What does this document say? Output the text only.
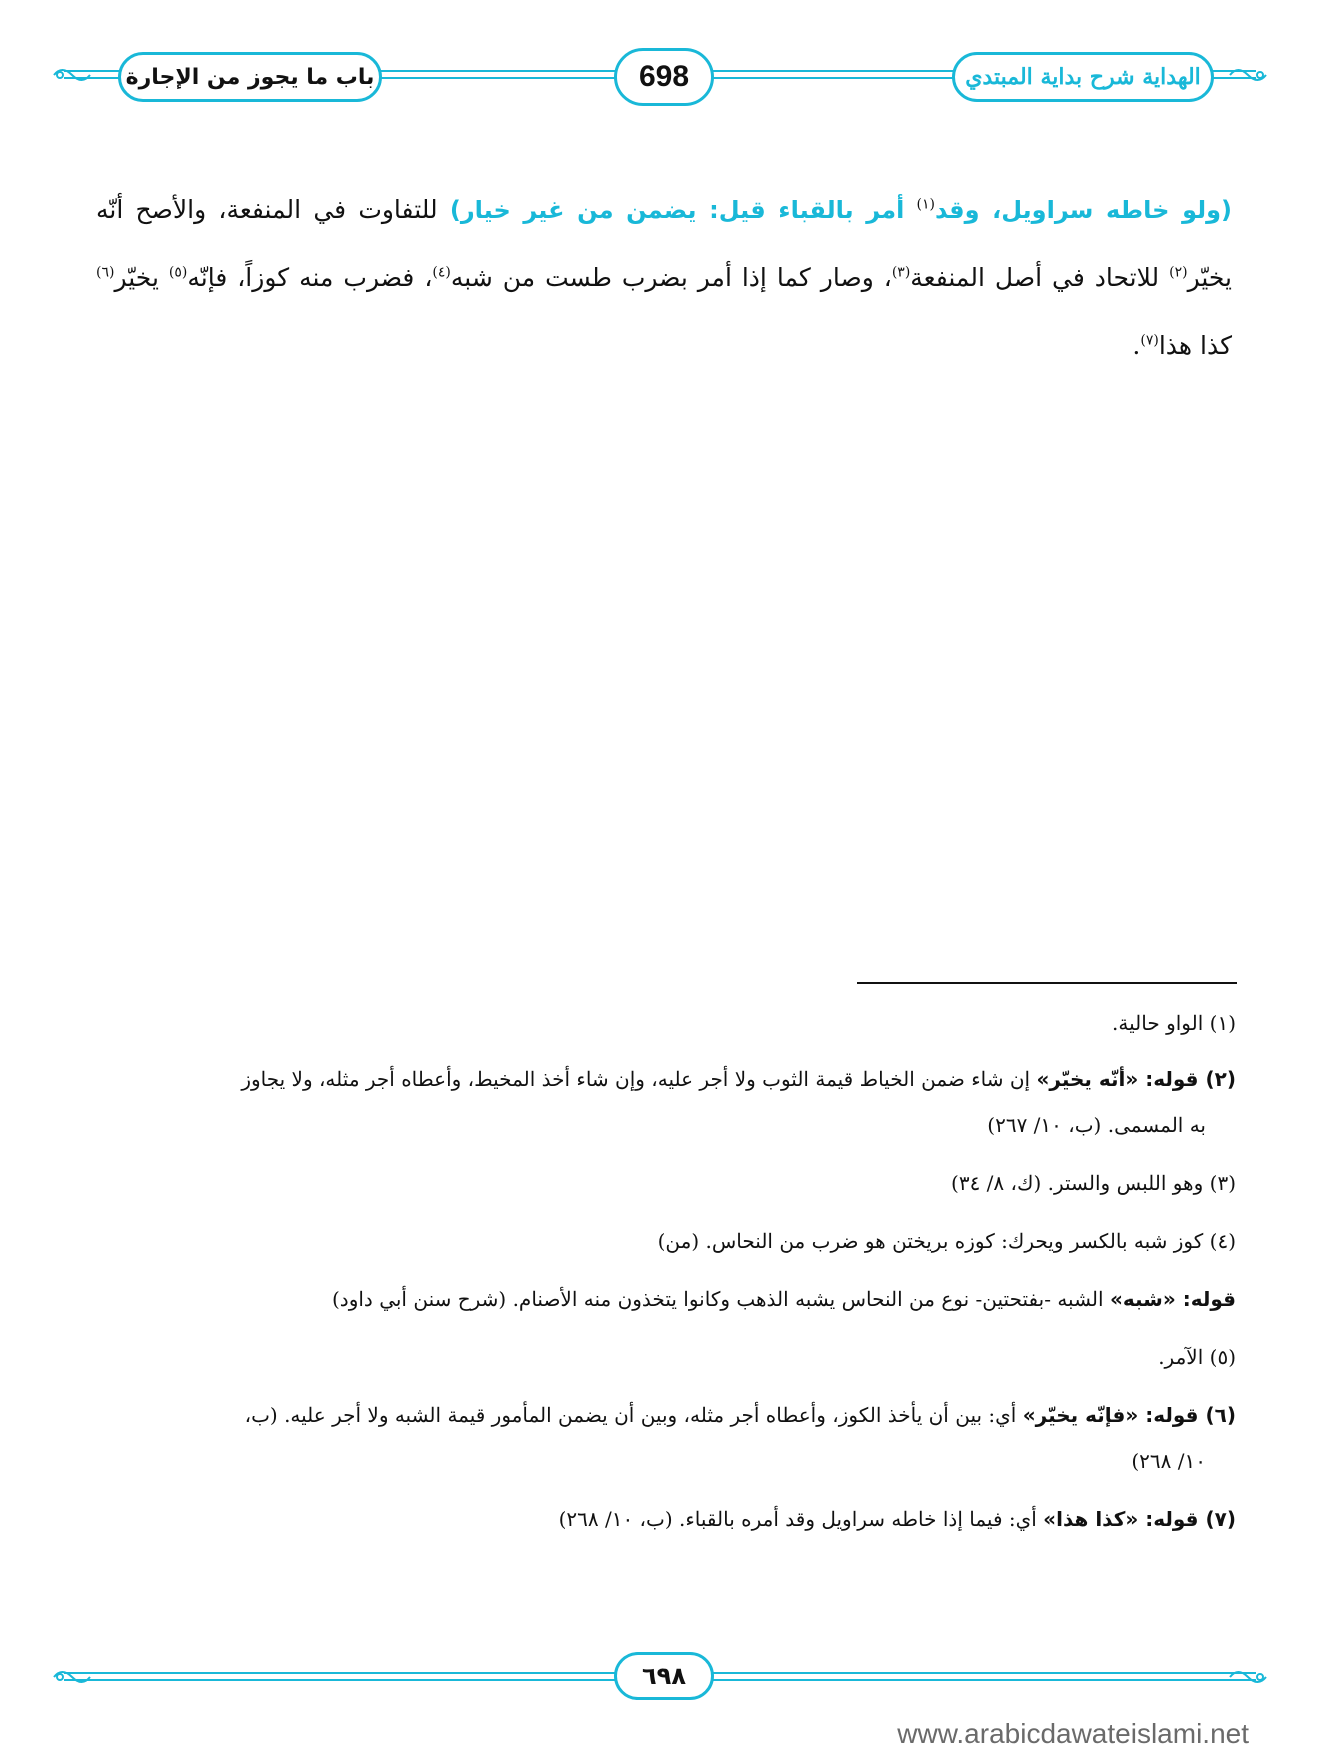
باب ما يجوز من الإجارة	698	الهداية شرح بداية المبتدي
(ولو خاطه سراويل، وقد$^{(١)}$ أمر بالقباء قيل: يضمن من غير خيار) للتفاوت في المنفعة، والأصح أنّه يخيّر$^{(٢)}$ للاتحاد في أصل المنفعة$^{(٣)}$، وصار كما إذا أمر بضرب طست من شبه$^{(٤)}$، فضرب منه كوزاً، فإنّه$^{(٥)}$ يخيّر$^{(٦)}$ كذا هذا$^{(٧)}$.
(١) الواو حالية.
(٢) قوله: «أنّه يخيّر» إن شاء ضمن الخياط قيمة الثوب ولا أجر عليه، وإن شاء أخذ المخيط، وأعطاه أجر مثله، ولا يجاوز
به المسمى. (ب، ١٠/ ٢٦٧)
(٣) وهو اللبس والستر. (ك، ٨/ ٣٤)
(٤) كوز شبه بالكسر ويحرك: كوزه بريختن هو ضرب من النحاس. (من)
قوله: «شبه» الشبه -بفتحتين- نوع من النحاس يشبه الذهب وكانوا يتخذون منه الأصنام. (شرح سنن أبي داود)
(٥) الآمر.
(٦) قوله: «فإنّه يخيّر» أي: بين أن يأخذ الكوز، وأعطاه أجر مثله، وبين أن يضمن المأمور قيمة الشبه ولا أجر عليه. (ب،
١٠/ ٢٦٨)
(٧) قوله: «كذا هذا» أي: فيما إذا خاطه سراويل وقد أمره بالقباء. (ب، ١٠/ ٢٦٨)
٦٩٨
www.arabicdawateislami.net
